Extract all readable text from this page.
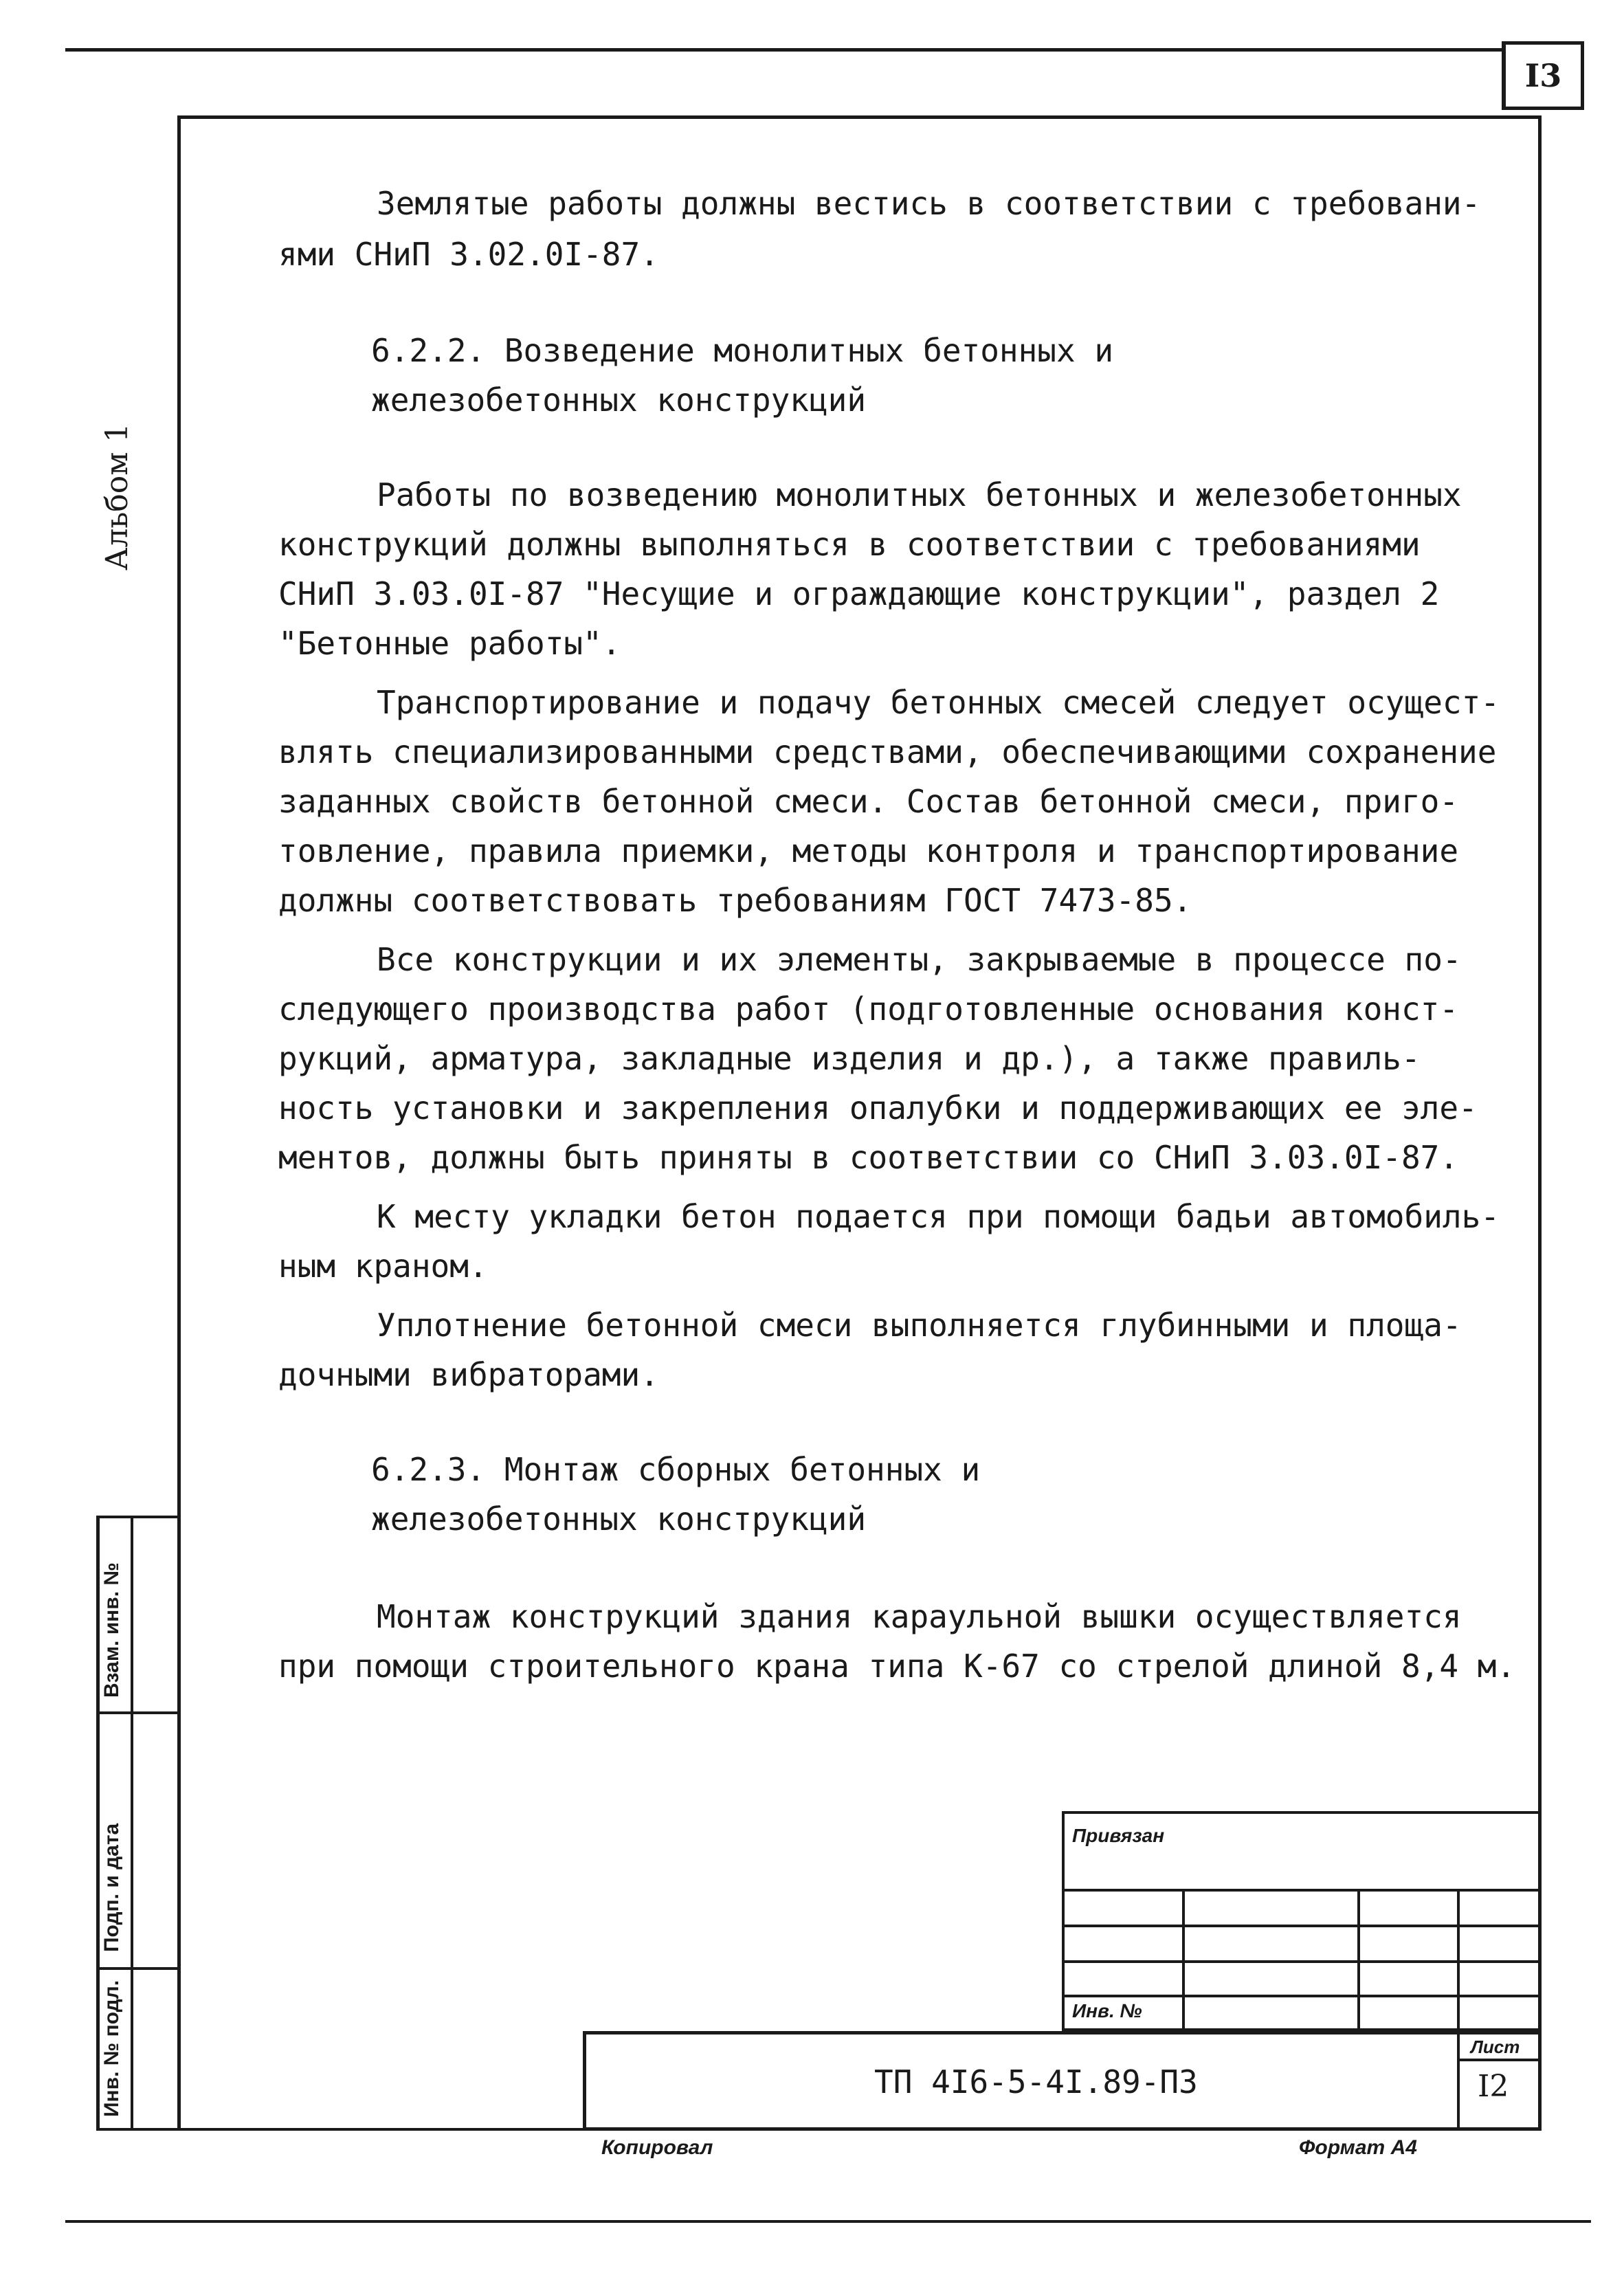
I3
Альбом 1
Землятые работы должны вестись в соответствии с требовани-
ями СНиП 3.02.0I-87.
6.2.2. Возведение монолитных бетонных и
железобетонных конструкций
Работы по возведению монолитных бетонных и железобетонных
конструкций должны выполняться в соответствии с требованиями
СНиП 3.03.0I-87 "Несущие и ограждающие конструкции", раздел 2
"Бетонные работы".
Транспортирование и подачу бетонных смесей следует осущест-
влять специализированными средствами, обеспечивающими сохранение
заданных свойств бетонной смеси. Состав бетонной смеси, приго-
товление, правила приемки, методы контроля и транспортирование
должны соответствовать требованиям ГОСТ 7473-85.
Все конструкции и их элементы, закрываемые в процессе по-
следующего производства работ (подготовленные основания конст-
рукций, арматура, закладные изделия и др.), а также правиль-
ность установки и закрепления опалубки и поддерживающих ее эле-
ментов, должны быть приняты в соответствии со СНиП 3.03.0I-87.
К месту укладки бетон подается при помощи бадьи автомобиль-
ным краном.
Уплотнение бетонной смеси выполняется глубинными и площа-
дочными вибраторами.
6.2.3. Монтаж сборных бетонных и
железобетонных конструкций
Монтаж конструкций здания караульной вышки осуществляется
при помощи строительного крана типа К-67 со стрелой длиной 8,4 м.
Взам. инв. №
Подп. и дата
Инв. № подл.
Привязан
Инв. №
ТП 4I6-5-4I.89-ПЗ
Лист
I2
Копировал	Формат А4
